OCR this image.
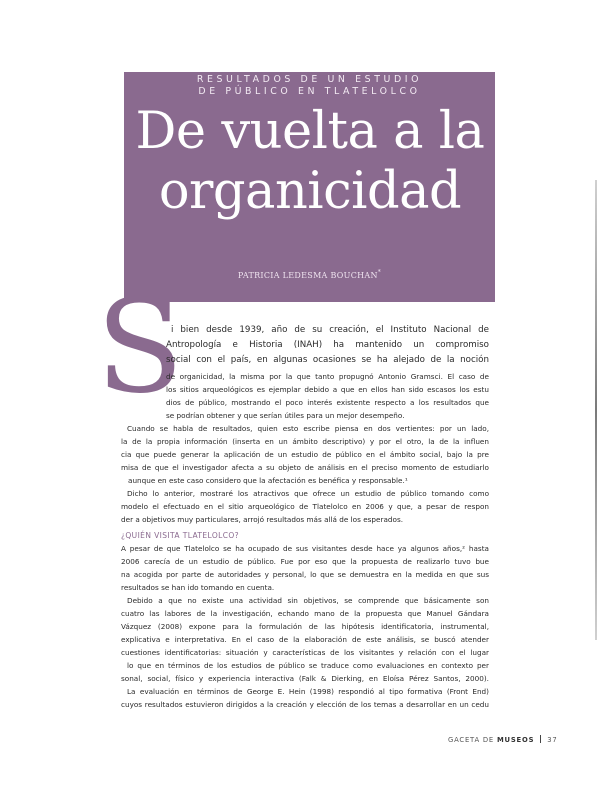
RESULTADOS DE UN ESTUDIO
DE PÚBLICO EN TLATELOLCO
De vuelta a la
organicidad
PATRICIA LEDESMA BOUCHAN*
S
i bien desde 1939, año de su creación, el Instituto Nacional de
Antropología e Historia (INAH) ha mantenido un compromiso
social con el país, en algunas ocasiones se ha alejado de la noción
de organicidad, la misma por la que tanto propugnó Antonio Gramsci. El caso de
los sitios arqueológicos es ejemplar debido a que en ellos han sido escasos los estu
dios de público, mostrando el poco interés existente respecto a los resultados que
se podrían obtener y que serían útiles para un mejor desempeño.
Cuando se habla de resultados, quien esto escribe piensa en dos vertientes: por un lado,
la de la propia información (inserta en un ámbito descriptivo) y por el otro, la de la influen
cia que puede generar la aplicación de un estudio de público en el ámbito social, bajo la pre
misa de que el investigador afecta a su objeto de análisis en el preciso momento de estudiarlo
aunque en este caso considero que la afectación es benéfica y responsable.¹
Dicho lo anterior, mostraré los atractivos que ofrece un estudio de público tomando como
modelo el efectuado en el sitio arqueológico de Tlatelolco en 2006 y que, a pesar de respon
der a objetivos muy particulares, arrojó resultados más allá de los esperados.
¿QUIÉN VISITA TLATELOLCO?
A pesar de que Tlatelolco se ha ocupado de sus visitantes desde hace ya algunos años,² hasta
2006 carecía de un estudio de público. Fue por eso que la propuesta de realizarlo tuvo bue
na acogida por parte de autoridades y personal, lo que se demuestra en la medida en que sus
resultados se han ido tomando en cuenta.
Debido a que no existe una actividad sin objetivos, se comprende que básicamente son
cuatro las labores de la investigación, echando mano de la propuesta que Manuel Gándara
Vázquez (2008) expone para la formulación de las hipótesis identificatoria, instrumental,
explicativa e interpretativa. En el caso de la elaboración de este análisis, se buscó atender
cuestiones identificatorias: situación y características de los visitantes y relación con el lugar
lo que en términos de los estudios de público se traduce como evaluaciones en contexto per
sonal, social, físico y experiencia interactiva (Falk & Dierking, en Eloísa Pérez Santos, 2000).
La evaluación en términos de George E. Hein (1998) respondió al tipo formativa (Front End)
cuyos resultados estuvieron dirigidos a la creación y elección de los temas a desarrollar en un cedu
GACETA DE MUSEOS 37
